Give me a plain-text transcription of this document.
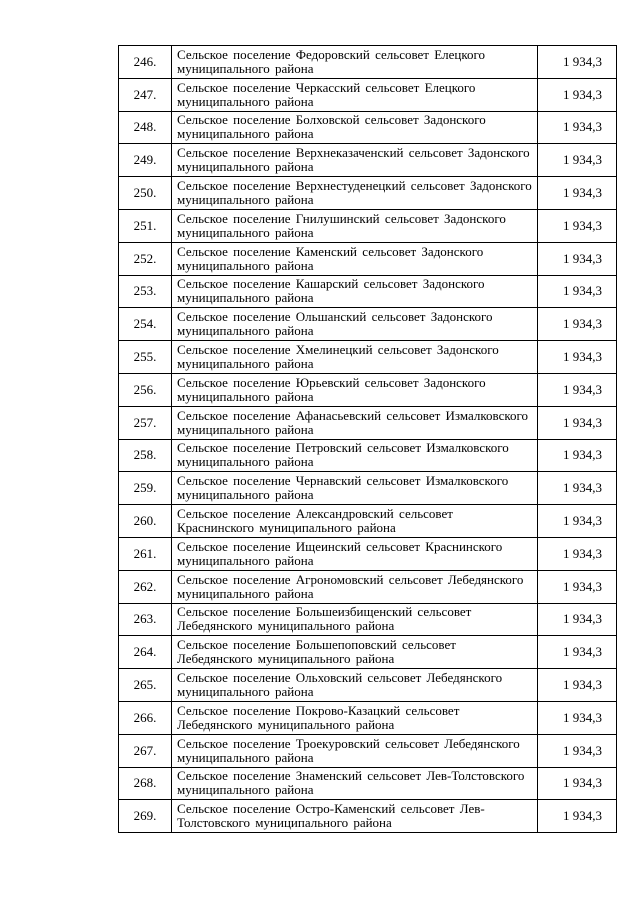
246.	Сельское поселение Федоровский сельсовет Елецкого муниципального района	1 934,3
247.	Сельское поселение Черкасский сельсовет Елецкого муниципального района	1 934,3
248.	Сельское поселение Болховской сельсовет Задонского муниципального района	1 934,3
249.	Сельское поселение Верхнеказаченский сельсовет Задонского муниципального района	1 934,3
250.	Сельское поселение Верхнестуденецкий сельсовет Задонского муниципального района	1 934,3
251.	Сельское поселение Гнилушинский сельсовет Задонского муниципального района	1 934,3
252.	Сельское поселение Каменский сельсовет Задонского муниципального района	1 934,3
253.	Сельское поселение Кашарский сельсовет Задонского муниципального района	1 934,3
254.	Сельское поселение Ольшанский сельсовет Задонского муниципального района	1 934,3
255.	Сельское поселение Хмелинецкий сельсовет Задонского муниципального района	1 934,3
256.	Сельское поселение Юрьевский сельсовет Задонского муниципального района	1 934,3
257.	Сельское поселение Афанасьевский сельсовет Измалковского муниципального района	1 934,3
258.	Сельское поселение Петровский сельсовет Измалковского муниципального района	1 934,3
259.	Сельское поселение Чернавский сельсовет Измалковского муниципального района	1 934,3
260.	Сельское поселение Александровский сельсовет Краснинского муниципального района	1 934,3
261.	Сельское поселение Ищеинский сельсовет Краснинского муниципального района	1 934,3
262.	Сельское поселение Агрономовский сельсовет Лебедянского муниципального района	1 934,3
263.	Сельское поселение Большеизбищенский сельсовет Лебедянского муниципального района	1 934,3
264.	Сельское поселение Большепоповский сельсовет Лебедянского муниципального района	1 934,3
265.	Сельское поселение Ольховский сельсовет Лебедянского муниципального района	1 934,3
266.	Сельское поселение Покрово-Казацкий сельсовет Лебедянского муниципального района	1 934,3
267.	Сельское поселение Троекуровский сельсовет Лебедянского муниципального района	1 934,3
268.	Сельское поселение Знаменский сельсовет Лев-Толстовского муниципального района	1 934,3
269.	Сельское поселение Остро-Каменский сельсовет Лев-Толстовского муниципального района	1 934,3
